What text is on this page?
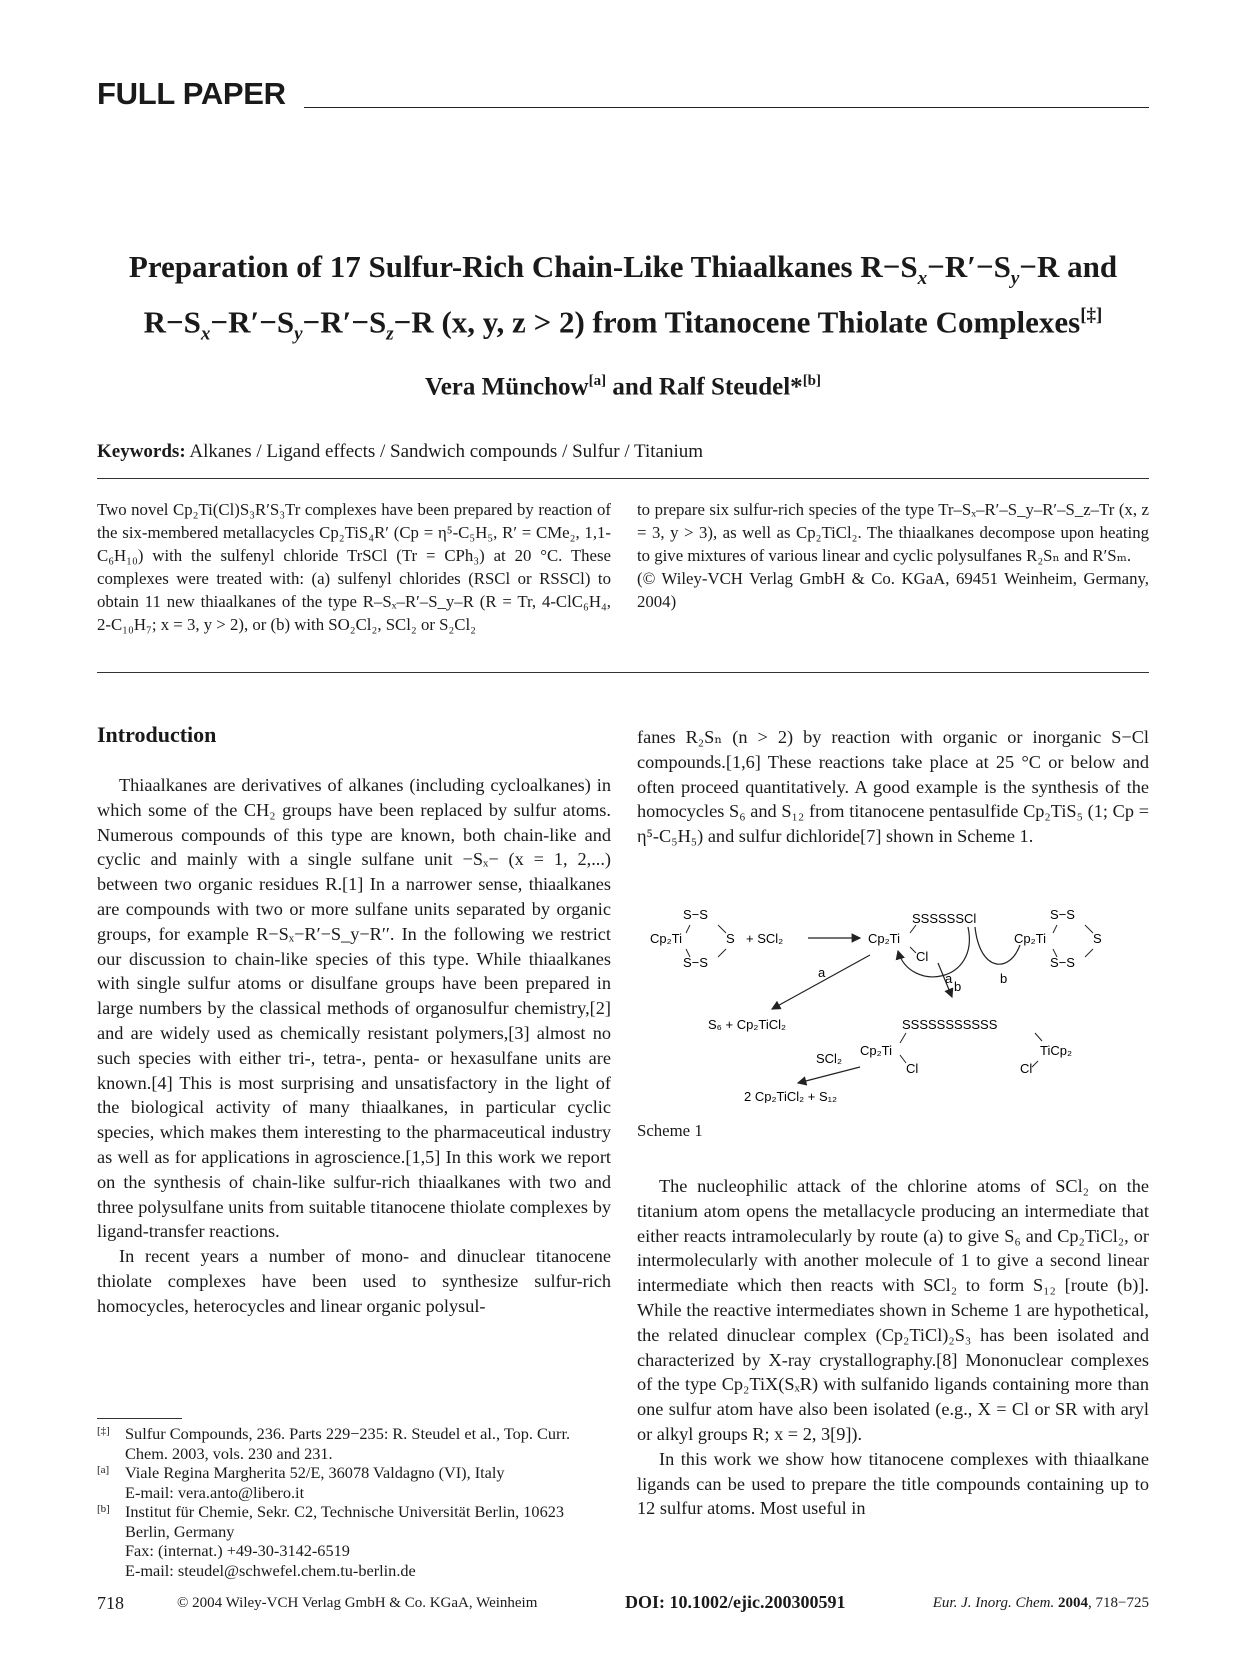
FULL PAPER
Preparation of 17 Sulfur-Rich Chain-Like Thiaalkanes $R-S_x-R'-S_y-R$ and
$R-S_x-R'-S_y-R'-S_z-R$ (x, y, z > 2) from Titanocene Thiolate Complexes[‡]
Vera Münchow[a] and Ralf Steudel*[b]
Keywords: Alkanes / Ligand effects / Sandwich compounds / Sulfur / Titanium

Two novel Cp₂Ti(Cl)S₃R′S₃Tr complexes have been prepared by reaction of the six-membered metallacycles Cp₂TiS₄R′ (Cp = η⁵-C₅H₅, R′ = CMe₂, 1,1-C₆H₁₀) with the sulfenyl chloride TrSCl (Tr = CPh₃) at 20 °C. These complexes were treated with: (a) sulfenyl chlorides (RSCl or RSSCl) to obtain 11 new thiaalkanes of the type R–Sₓ–R′–S_y–R (R = Tr, 4-ClC₆H₄, 2-C₁₀H₇; x = 3, y > 2), or (b) with SO₂Cl₂, SCl₂ or S₂Cl₂

to prepare six sulfur-rich species of the type Tr–Sₓ–R′–S_y–R′–S_z–Tr (x, z = 3, y > 3), as well as Cp₂TiCl₂. The thiaalkanes decompose upon heating to give mixtures of various linear and cyclic polysulfanes R₂Sₙ and R′Sₘ.

(© Wiley-VCH Verlag GmbH & Co. KGaA, 69451 Weinheim, Germany, 2004)

Introduction

Thiaalkanes are derivatives of alkanes (including cycloalkanes) in which some of the CH₂ groups have been replaced by sulfur atoms. Numerous compounds of this type are known, both chain-like and cyclic and mainly with a single sulfane unit −Sₓ− (x = 1, 2,...) between two organic residues R.[1] In a narrower sense, thiaalkanes are compounds with two or more sulfane units separated by organic groups, for example R−Sₓ−R′−S_y−R′′. In the following we restrict our discussion to chain-like species of this type. While thiaalkanes with single sulfur atoms or disulfane groups have been prepared in large numbers by the classical methods of organosulfur chemistry,[2] and are widely used as chemically resistant polymers,[3] almost no such species with either tri-, tetra-, penta- or hexasulfane units are known.[4] This is most surprising and unsatisfactory in the light of the biological activity of many thiaalkanes, in particular cyclic species, which makes them interesting to the pharmaceutical industry as well as for applications in agroscience.[1,5] In this work we report on the synthesis of chain-like sulfur-rich thiaalkanes with two and three polysulfane units from suitable titanocene thiolate complexes by ligand-transfer reactions.

In recent years a number of mono- and dinuclear titanocene thiolate complexes have been used to synthesize sulfur-rich homocycles, heterocycles and linear organic polysul-

fanes R₂Sₙ (n > 2) by reaction with organic or inorganic S−Cl compounds.[1,6] These reactions take place at 25 °C or below and often proceed quantitatively. A good example is the synthesis of the homocycles S₆ and S₁₂ from titanocene pentasulfide Cp₂TiS₅ (1; Cp = η⁵-C₅H₅) and sulfur dichloride[7] shown in Scheme 1.

Cp₂Ti
S−S
S−S
S + SCl₂	Cp₂Ti
SSSSSSCl
Cl
a	b
Cp₂Ti
S−S
S−S
S
a
S₆ + Cp₂TiCl₂
b
SSSSSSSSSSS
Cp₂Ti
Cl
SCl₂
TiCp₂
Cl
2 Cp₂TiCl₂ + S₁₂
Scheme 1

The nucleophilic attack of the chlorine atoms of SCl₂ on the titanium atom opens the metallacycle producing an intermediate that either reacts intramolecularly by route (a) to give S₆ and Cp₂TiCl₂, or intermolecularly with another molecule of 1 to give a second linear intermediate which then reacts with SCl₂ to form S₁₂ [route (b)]. While the reactive intermediates shown in Scheme 1 are hypothetical, the related dinuclear complex (Cp₂TiCl)₂S₃ has been isolated and characterized by X-ray crystallography.[8] Mononuclear complexes of the type Cp₂TiX(SₓR) with sulfanido ligands containing more than one sulfur atom have also been isolated (e.g., X = Cl or SR with aryl or alkyl groups R; x = 2, 3[9]).

In this work we show how titanocene complexes with thiaalkane ligands can be used to prepare the title compounds containing up to 12 sulfur atoms. Most useful in

[‡] Sulfur Compounds, 236. Parts 229−235: R. Steudel et al., Top. Curr. Chem. 2003, vols. 230 and 231.
[a] Viale Regina Margherita 52/E, 36078 Valdagno (VI), Italy
E-mail: vera.anto@libero.it
[b] Institut für Chemie, Sekr. C2, Technische Universität Berlin, 10623 Berlin, Germany
Fax: (internat.) +49-30-3142-6519
E-mail: steudel@schwefel.chem.tu-berlin.de
718	© 2004 Wiley-VCH Verlag GmbH & Co. KGaA, Weinheim	DOI: 10.1002/ejic.200300591	Eur. J. Inorg. Chem. 2004, 718−725
